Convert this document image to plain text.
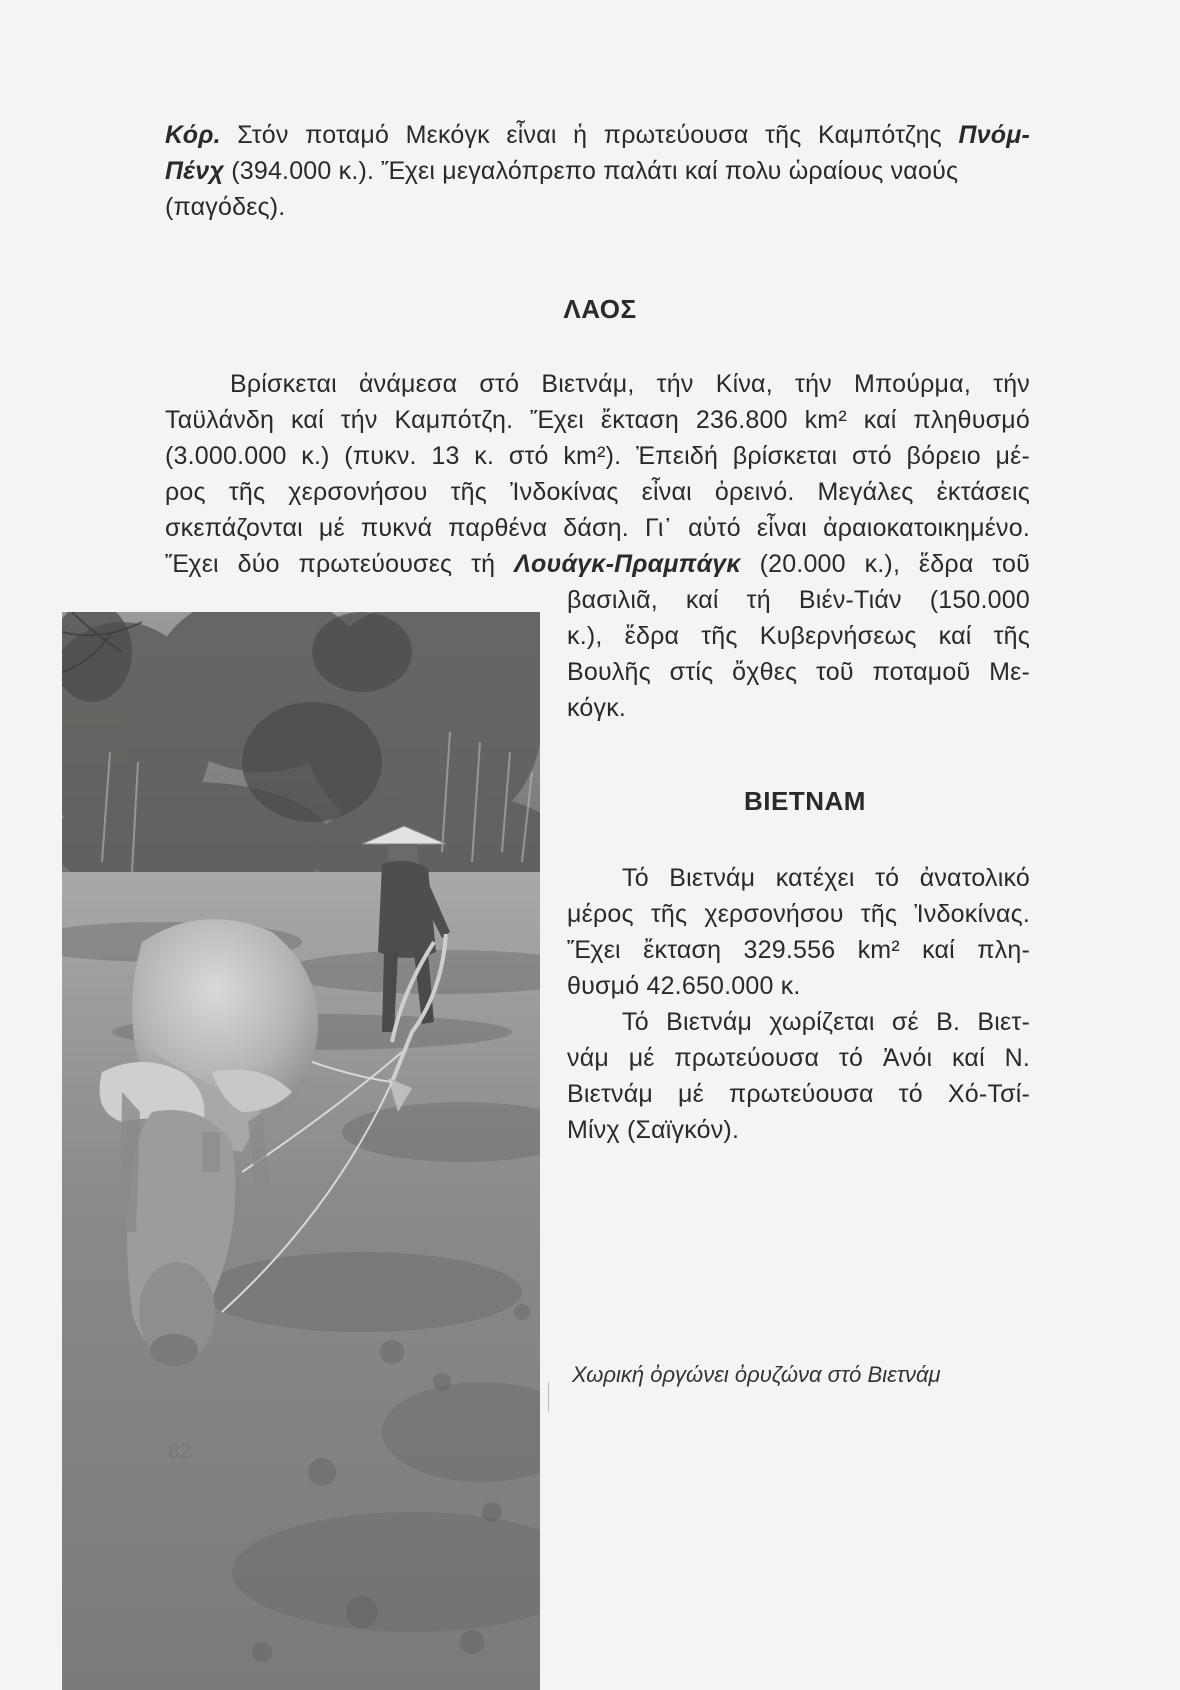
Κόρ. Στόν ποταμό Μεκόγκ εἶναι ἡ πρωτεύουσα τῆς Καμπότζης Πνόμ-
Πένχ (394.000 κ.). Ἔχει μεγαλόπρεπο παλάτι καί πολυ ὡραίους ναούς
(παγόδες).
ΛΑΟΣ
Βρίσκεται ἀνάμεσα στό Βιετνάμ, τήν Κίνα, τήν Μπούρμα, τήν
Ταϋλάνδη καί τήν Καμπότζη. Ἔχει ἔκταση 236.800 km² καί πληθυσμό
(3.000.000 κ.) (πυκν. 13 κ. στό km²). Ἐπειδή βρίσκεται στό βόρειο μέ-
ρος τῆς χερσονήσου τῆς Ἰνδοκίνας εἶναι ὀρεινό. Μεγάλες ἐκτάσεις
σκεπάζονται μέ πυκνά παρθένα δάση. Γι᾽ αὐτό εἶναι ἀραιοκατοικημένο.
Ἔχει δύο πρωτεύουσες τή Λουάγκ-Πραμπάγκ (20.000 κ.), ἕδρα τοῦ
βασιλιᾶ, καί τή Βιέν-Τιάν (150.000
κ.), ἕδρα τῆς Κυβερνήσεως καί τῆς
Βουλῆς στίς ὄχθες τοῦ ποταμοῦ Με-
κόγκ.
ΒΙΕΤΝΑΜ
Τό Βιετνάμ κατέχει τό ἀνατολικό
μέρος τῆς χερσονήσου τῆς Ἰνδοκίνας.
Ἔχει ἔκταση 329.556 km² καί πλη-
θυσμό 42.650.000 κ.
Τό Βιετνάμ χωρίζεται σέ Β. Βιετ-
νάμ μέ πρωτεύουσα τό Ἀνόι καί Ν.
Βιετνάμ μέ πρωτεύουσα τό Χό-Τσί-
Μίνχ (Σαϊγκόν).
Χωρική ὀργώνει ὀρυζώνα στό Βιετνάμ
82
